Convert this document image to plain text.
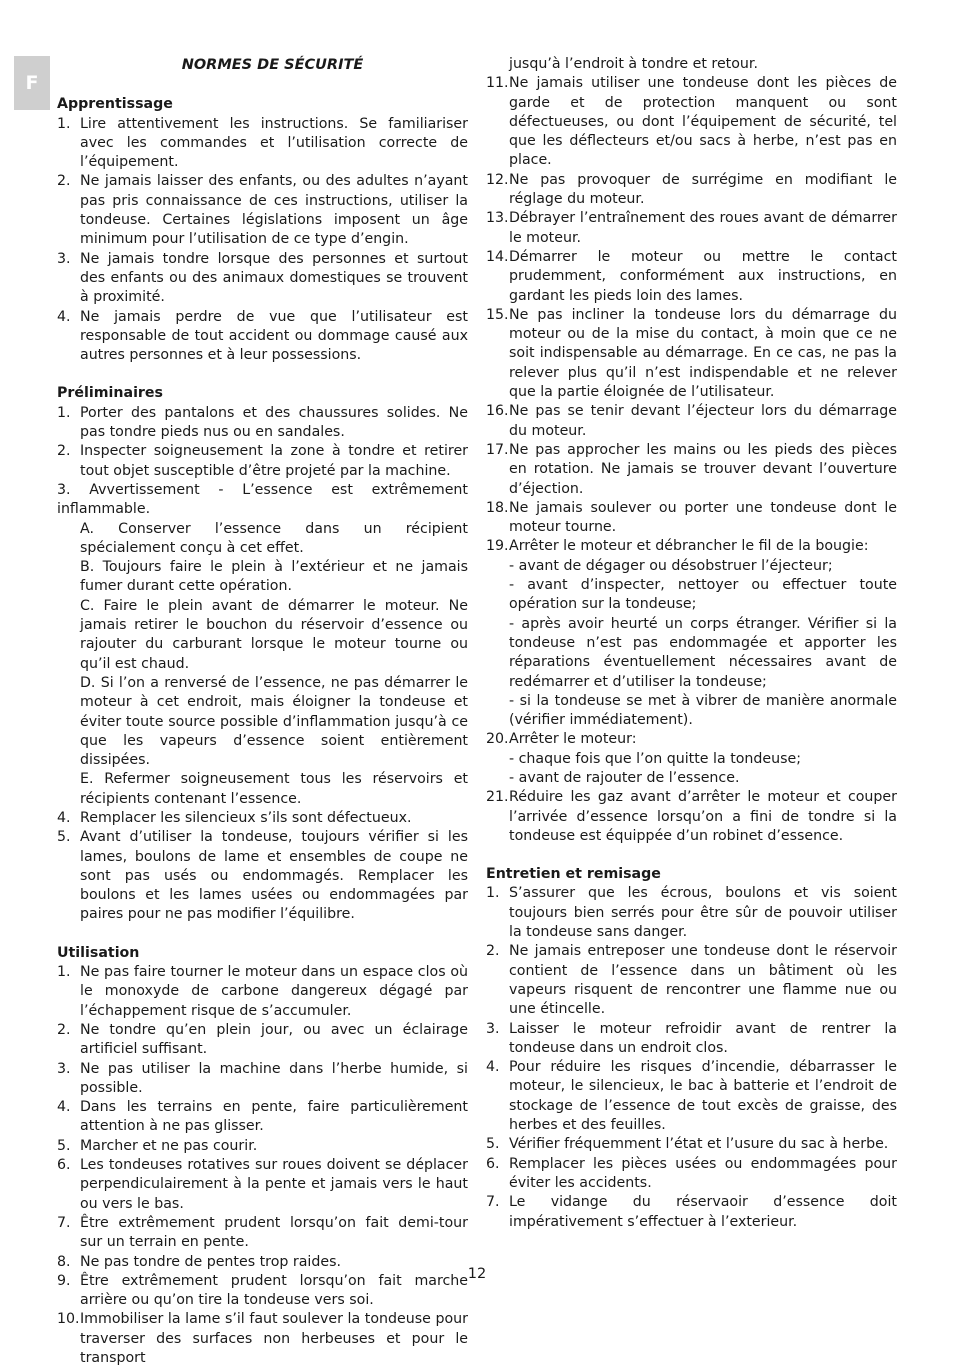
F
NORMES DE SÉCURITÉ
Apprentissage
1. Lire attentivement les instructions. Se familiariser avec les commandes et l’utilisation correcte de l’équipement.
2. Ne jamais laisser des enfants, ou des adultes n’ayant pas pris connaissance de ces instructions, utiliser la tondeuse. Certaines législations imposent un âge minimum pour l’utilisation de ce type d’engin.
3. Ne jamais tondre lorsque des personnes et surtout des enfants ou des animaux domestiques se trouvent à proximité.
4. Ne jamais perdre de vue que l’utilisateur est responsable de tout accident ou dommage causé aux autres personnes et à leur possessions.
Préliminaires
1. Porter des pantalons et des chaussures solides. Ne pas tondre pieds nus ou en sandales.
2. Inspecter soigneusement la zone à tondre et retirer tout objet susceptible d’être projeté par la machine.
3. Avvertissement - L’essence est extrêmement inflammable.
A. Conserver l’essence dans un récipient spécialement conçu à cet effet.
B. Toujours faire le plein à l’extérieur et ne jamais fumer durant cette opération.
C. Faire le plein avant de démarrer le moteur. Ne jamais retirer le bouchon du réservoir d’essence ou rajouter du carburant lorsque le moteur tourne ou qu’il est chaud.
D. Si l’on a renversé de l’essence, ne pas démarrer le moteur à cet endroit, mais éloigner la tondeuse et éviter toute source possible d’inflammation jusqu’à ce que les vapeurs d’essence soient entièrement dissipées.
E. Refermer soigneusement tous les réservoirs et récipients contenant l’essence.
4. Remplacer les silencieux s’ils sont défectueux.
5. Avant d’utiliser la tondeuse, toujours vérifier si les lames, boulons de lame et ensembles de coupe ne sont pas usés ou endommagés. Remplacer les boulons et les lames usées ou endommagées par paires pour ne pas modifier l’équilibre.
Utilisation
1. Ne pas faire tourner le moteur dans un espace clos où le monoxyde de carbone dangereux dégagé par l’échappement risque de s’accumuler.
2. Ne tondre qu’en plein jour, ou avec un éclairage artificiel suffisant.
3. Ne pas utiliser la machine dans l’herbe humide, si possible.
4. Dans les terrains en pente, faire particulièrement attention à ne pas glisser.
5. Marcher et ne pas courir.
6. Les tondeuses rotatives sur roues doivent se déplacer perpendiculairement à la pente et jamais vers le haut ou vers le bas.
7. Être extrêmement prudent lorsqu’on fait demi-tour sur un terrain en pente.
8. Ne pas tondre de pentes trop raides.
9. Être extrêmement prudent lorsqu’on fait marche arrière ou qu’on tire la tondeuse vers soi.
10. Immobiliser la lame s’il faut soulever la tondeuse pour traverser des surfaces non herbeuses et pour le transport
jusqu’à l’endroit à tondre et retour.
11. Ne jamais utiliser une tondeuse dont les pièces de garde et de protection manquent ou sont défectueuses, ou dont l’équipement de sécurité, tel que les déflecteurs et/ou sacs à herbe, n’est pas en place.
12. Ne pas provoquer de surrégime en modifiant le réglage du moteur.
13. Débrayer l’entraînement des roues avant de démarrer le moteur.
14. Démarrer le moteur ou mettre le contact prudemment, conformément aux instructions, en gardant les pieds loin des lames.
15. Ne pas incliner la tondeuse lors du démarrage du moteur ou de la mise du contact, à moin que ce ne soit indispensable au démarrage. En ce cas, ne pas la relever plus qu’il n’est indispendable et ne relever que la partie éloignée de l’utilisateur.
16. Ne pas se tenir devant l’éjecteur lors du démarrage du moteur.
17. Ne pas approcher les mains ou les pieds des pièces en rotation. Ne jamais se trouver devant l’ouverture d’éjection.
18. Ne jamais soulever ou porter une tondeuse dont le moteur tourne.
19. Arrêter le moteur et débrancher le fil de la bougie:
- avant de dégager ou désobstruer l’éjecteur;
- avant d’inspecter, nettoyer ou effectuer toute opération sur la tondeuse;
- après avoir heurté un corps étranger. Vérifier si la tondeuse n’est pas endommagée et apporter les réparations éventuellement nécessaires avant de redémarrer et d’utiliser la tondeuse;
- si la tondeuse se met à vibrer de manière anormale (vérifier immédiatement).
20. Arrêter le moteur:
- chaque fois que l’on quitte la tondeuse;
- avant de rajouter de l’essence.
21. Réduire les gaz avant d’arrêter le moteur et couper l’arrivée d’essence lorsqu’on a fini de tondre si la tondeuse est équippée d’un robinet d’essence.
Entretien et remisage
1. S’assurer que les écrous, boulons et vis soient toujours bien serrés pour être sûr de pouvoir utiliser la tondeuse sans danger.
2. Ne jamais entreposer une tondeuse dont le réservoir contient de l’essence dans un bâtiment où les vapeurs risquent de rencontrer une flamme nue ou une étincelle.
3. Laisser le moteur refroidir avant de rentrer la tondeuse dans un endroit clos.
4. Pour réduire les risques d’incendie, débarrasser le moteur, le silencieux, le bac à batterie et l’endroit de stockage de l’essence de tout excès de graisse, des herbes et des feuilles.
5. Vérifier fréquemment l’état et l’usure du sac à herbe.
6. Remplacer les pièces usées ou endommagées pour éviter les accidents.
7. Le vidange du réservaoir d’essence doit impérativement s’effectuer à l’exterieur.
12
